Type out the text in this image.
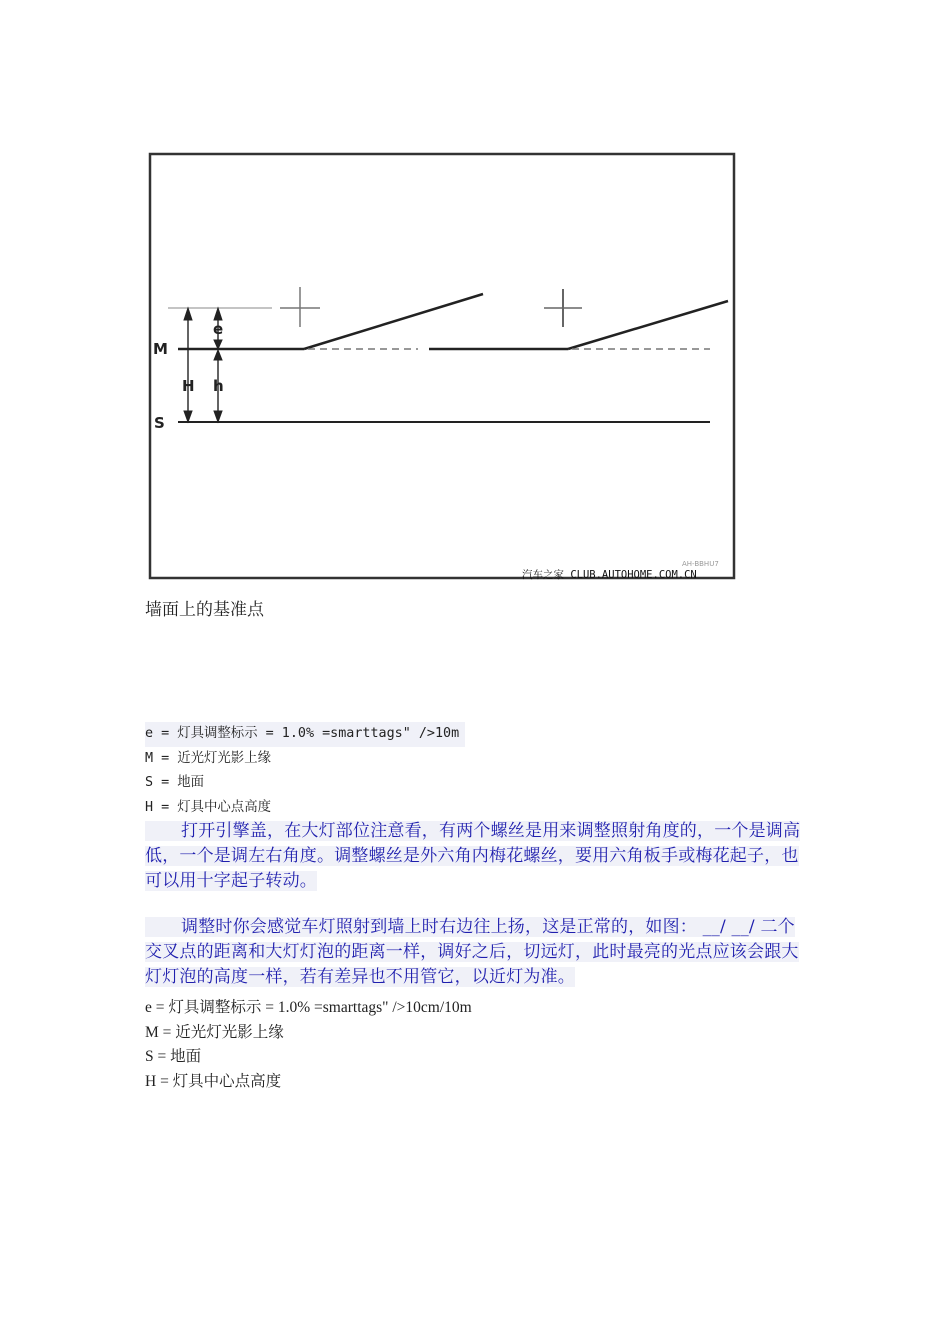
M
S
H h
e
AH-BBHU7
汽车之家 CLUB.AUTOHOME.COM.CN
墙面上的基准点
e = 灯具调整标示 = 1.0% =smarttags" />10m
M = 近光灯光影上缘
S = 地面
H = 灯具中心点高度
打开引擎盖，在大灯部位注意看，有两个螺丝是用来调整照射角度的，一个是调高低，一个是调左右角度。调整螺丝是外六角内梅花螺丝，要用六角板手或梅花起子，也可以用十字起子转动。
调整时你会感觉车灯照射到墙上时右边往上扬，这是正常的，如图： __/ __/ 二个交叉点的距离和大灯灯泡的距离一样，调好之后，切远灯，此时最亮的光点应该会跟大灯灯泡的高度一样，若有差异也不用管它，以近灯为准。
e = 灯具调整标示 = 1.0% =smarttags" />10cm/10m
M = 近光灯光影上缘
S = 地面
H = 灯具中心点高度
